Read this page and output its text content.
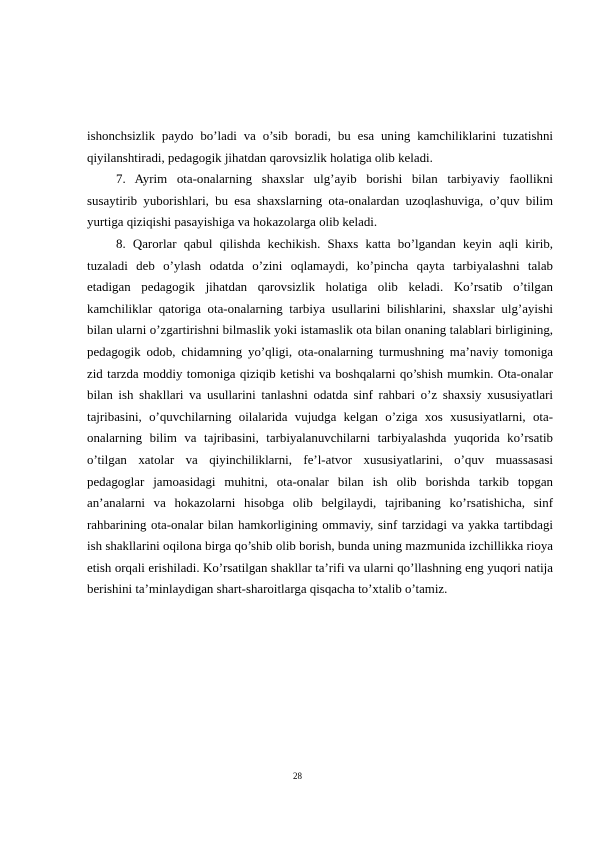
ishonchsizlik paydo bo’ladi va o’sib boradi, bu esa uning kamchiliklarini tuzatishni qiyilanshtiradi, pedagogik jihatdan qarovsizlik holatiga olib keladi.

7. Ayrim ota-onalarning shaxslar ulg’ayib borishi bilan tarbiyaviy faollikni susaytirib yuborishlari, bu esa shaxslarning ota-onalardan uzoqlashuviga, o’quv bilim yurtiga qiziqishi pasayishiga va hokazolarga olib keladi.

8. Qarorlar qabul qilishda kechikish. Shaxs katta bo’lgandan keyin aqli kirib, tuzaladi deb o’ylash odatda o’zini oqlamaydi, ko’pincha qayta tarbiyalashni talab etadigan pedagogik jihatdan qarovsizlik holatiga olib keladi. Ko’rsatib o’tilgan kamchiliklar qatoriga ota-onalarning tarbiya usullarini bilishlarini, shaxslar ulg’ayishi bilan ularni o’zgartirishni bilmaslik yoki istamaslik ota bilan onaning talablari birligining, pedagogik odob, chidamning yo’qligi, ota-onalarning turmushning ma’naviy tomoniga zid tarzda moddiy tomoniga qiziqib ketishi va boshqalarni qo’shish mumkin. Ota-onalar bilan ish shakllari va usullarini tanlashni odatda sinf rahbari o’z shaxsiy xususiyatlari tajribasini, o’quvchilarning oilalarida vujudga kelgan o’ziga xos xususiyatlarni, ota-onalarning bilim va tajribasini, tarbiyalanuvchilarni tarbiyalashda yuqorida ko’rsatib o’tilgan xatolar va qiyinchiliklarni, fe’l-atvor xususiyatlarini, o’quv muassasasi pedagoglar jamoasidagi muhitni, ota-onalar bilan ish olib borishda tarkib topgan an’analarni va hokazolarni hisobga olib belgilaydi, tajribaning ko’rsatishicha, sinf rahbarining ota-onalar bilan hamkorligining ommaviy, sinf tarzidagi va yakka tartibdagi ish shakllarini oqilona birga qo’shib olib borish, bunda uning mazmunida izchillikka rioya etish orqali erishiladi. Ko’rsatilgan shakllar ta’rifi va ularni qo’llashning eng yuqori natija berishini ta’minlaydigan shart-sharoitlarga qisqacha to’xtalib o’tamiz.

28
